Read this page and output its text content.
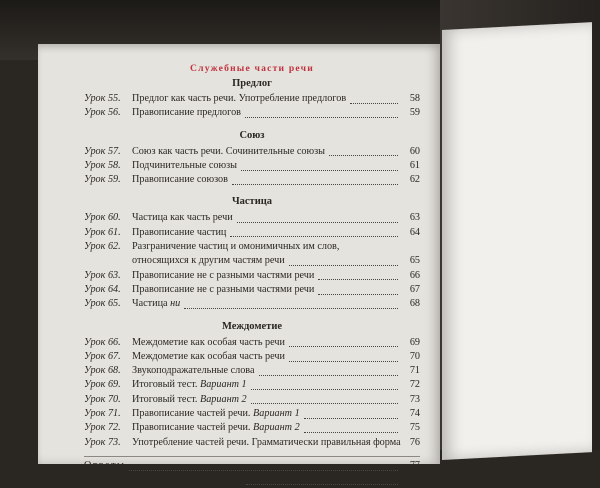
Служебные части речи
Предлог
Урок 55.	Предлог как часть речи. Употребление предлогов	58
Урок 56.	Правописание предлогов	59
Союз
Урок 57.	Союз как часть речи. Сочинительные союзы	60
Урок 58.	Подчинительные союзы	61
Урок 59.	Правописание союзов	62
Частица
Урок 60.	Частица как часть речи	63
Урок 61.	Правописание частиц	64
Урок 62.	Разграничение частиц и омонимичных им слов,
относящихся к другим частям речи	65
Урок 63.	Правописание не с разными частями речи	66
Урок 64.	Правописание не с разными частями речи	67
Урок 65.	Частица ни	68
Междометие
Урок 66.	Междометие как особая часть речи	69
Урок 67.	Междометие как особая часть речи	70
Урок 68.	Звукоподражательные слова	71
Урок 69.	Итоговый тест. Вариант 1	72
Урок 70.	Итоговый тест. Вариант 2	73
Урок 71.	Правописание частей речи. Вариант 1	74
Урок 72.	Правописание частей речи. Вариант 2	75
Урок 73.	Употребление частей речи. Грамматически правильная форма 76
Ответы	77
Список использованных источников	109
